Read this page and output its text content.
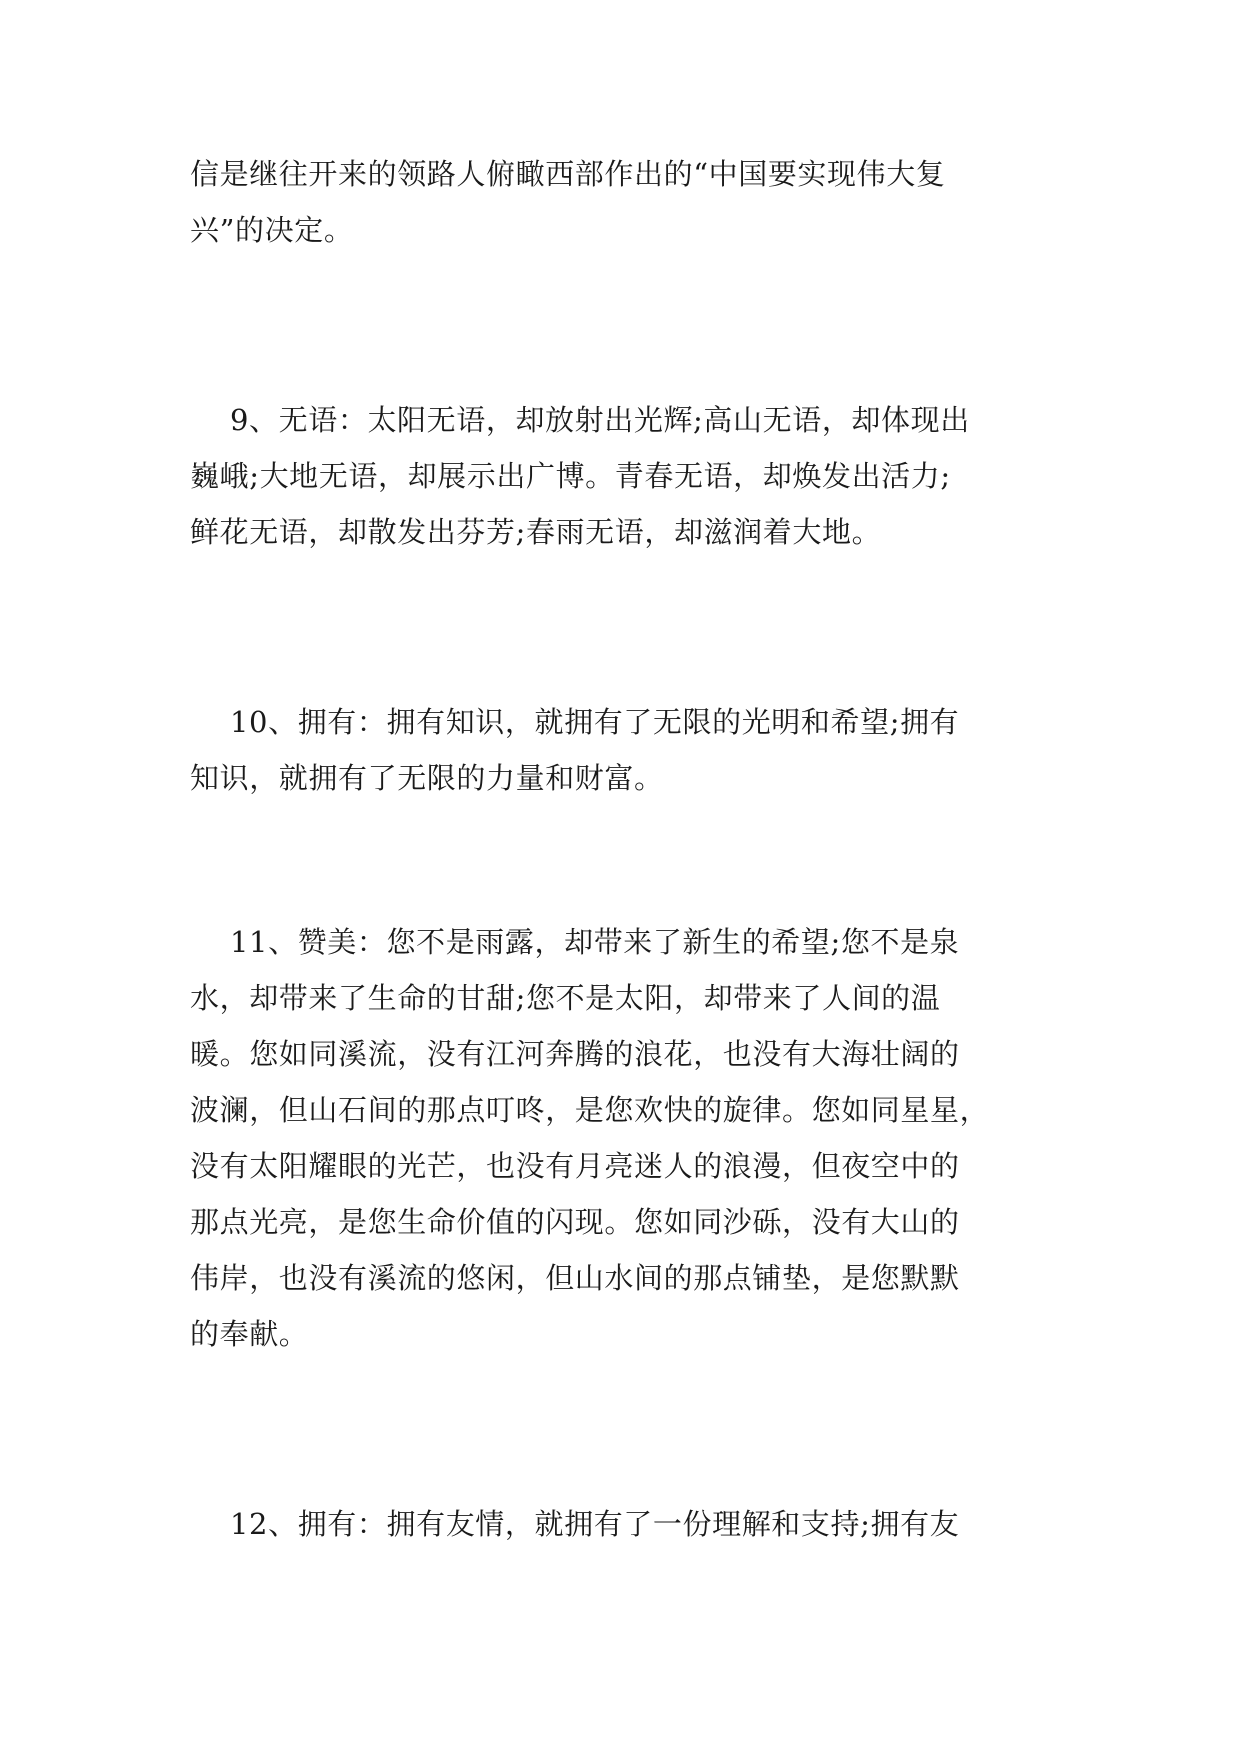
信是继往开来的领路人俯瞰西部作出的“中国要实现伟大复
兴”的决定。
9、无语：太阳无语，却放射出光辉;高山无语，却体现出
巍峨;大地无语，却展示出广博。青春无语，却焕发出活力;
鲜花无语，却散发出芬芳;春雨无语，却滋润着大地。
10、拥有：拥有知识，就拥有了无限的光明和希望;拥有
知识，就拥有了无限的力量和财富。
11、赞美：您不是雨露，却带来了新生的希望;您不是泉
水，却带来了生命的甘甜;您不是太阳，却带来了人间的温
暖。您如同溪流，没有江河奔腾的浪花，也没有大海壮阔的
波澜，但山石间的那点叮咚，是您欢快的旋律。您如同星星，
没有太阳耀眼的光芒，也没有月亮迷人的浪漫，但夜空中的
那点光亮，是您生命价值的闪现。您如同沙砾，没有大山的
伟岸，也没有溪流的悠闲，但山水间的那点铺垫，是您默默
的奉献。
12、拥有：拥有友情，就拥有了一份理解和支持;拥有友
